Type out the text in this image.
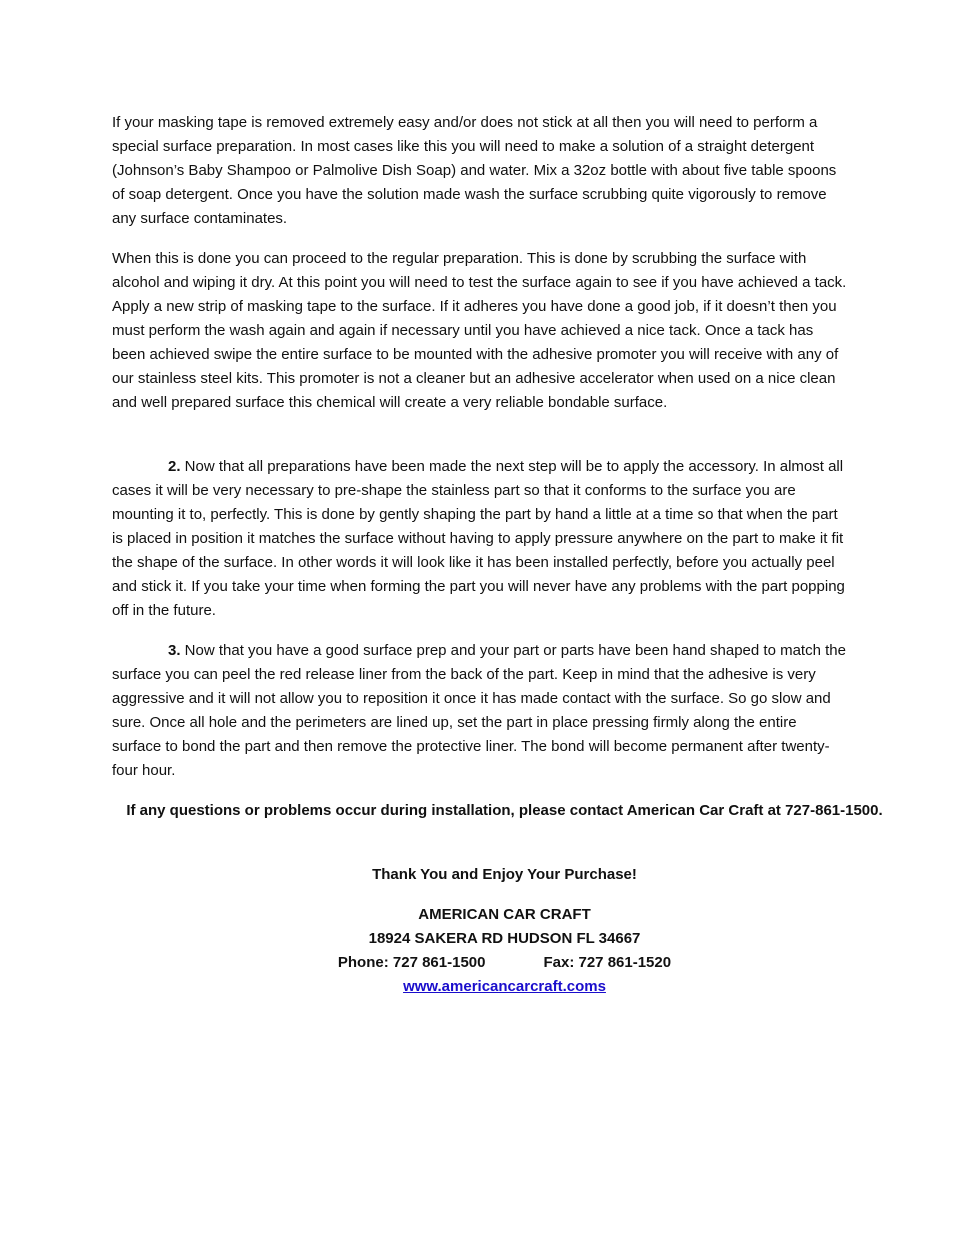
If your masking tape is removed extremely easy and/or does not stick at all then you will need to perform a special surface preparation. In most cases like this you will need to make a solution of a straight detergent (Johnson’s Baby Shampoo or Palmolive Dish Soap) and water. Mix a 32oz bottle with about five table spoons of soap detergent. Once you have the solution made wash the surface scrubbing quite vigorously to remove any surface contaminates.

When this is done you can proceed to the regular preparation. This is done by scrubbing the surface with alcohol and wiping it dry. At this point you will need to test the surface again to see if you have achieved a tack. Apply a new strip of masking tape to the surface. If it adheres you have done a good job, if it doesn’t then you must perform the wash again and again if necessary until you have achieved a nice tack. Once a tack has been achieved swipe the entire surface to be mounted with the adhesive promoter you will receive with any of our stainless steel kits. This promoter is not a cleaner but an adhesive accelerator when used on a nice clean and well prepared surface this chemical will create a very reliable bondable surface.

2. Now that all preparations have been made the next step will be to apply the accessory. In almost all cases it will be very necessary to pre-shape the stainless part so that it conforms to the surface you are mounting it to, perfectly. This is done by gently shaping the part by hand a little at a time so that when the part is placed in position it matches the surface without having to apply pressure anywhere on the part to make it fit the shape of the surface. In other words it will look like it has been installed perfectly, before you actually peel and stick it. If you take your time when forming the part you will never have any problems with the part popping off in the future.

3. Now that you have a good surface prep and your part or parts have been hand shaped to match the surface you can peel the red release liner from the back of the part. Keep in mind that the adhesive is very aggressive and it will not allow you to reposition it once it has made contact with the surface. So go slow and sure. Once all hole and the perimeters are lined up, set the part in place pressing firmly along the entire surface to bond the part and then remove the protective liner. The bond will become permanent after twenty-four hour.

If any questions or problems occur during installation, please contact American Car Craft at 727-861-1500.

Thank You and Enjoy Your Purchase!

AMERICAN CAR CRAFT
18924 SAKERA RD HUDSON FL 34667
Phone: 727 861-1500	Fax: 727 861-1520
www.americancarcraft.coms
